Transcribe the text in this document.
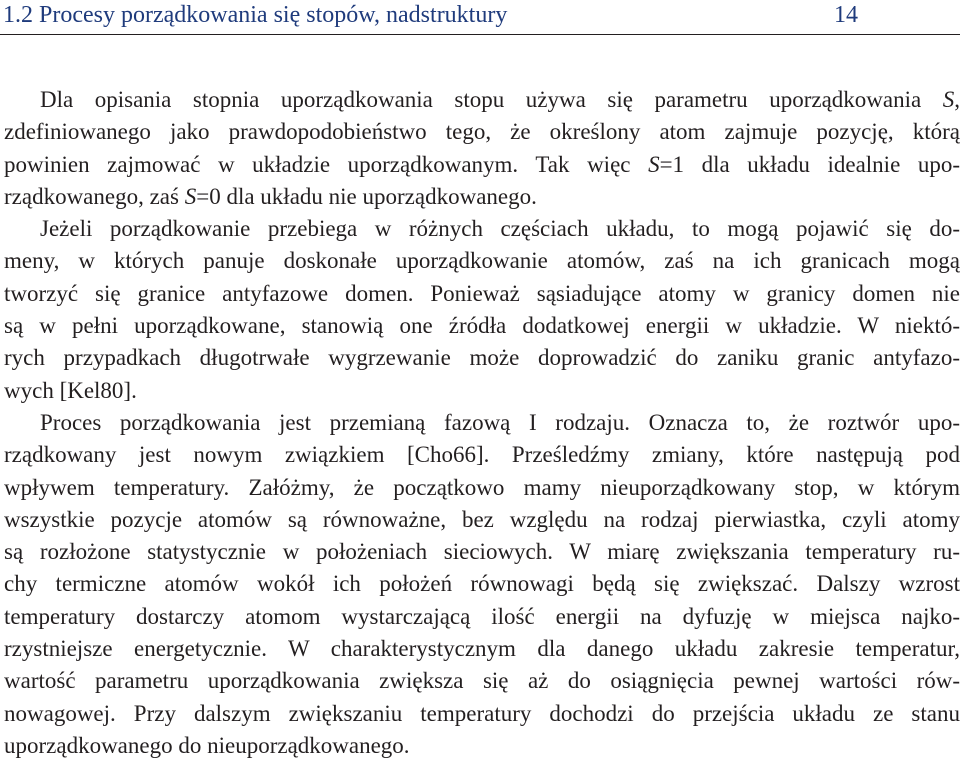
1.2 Procesy porządkowania się stopów, nadstruktury	14
Dla opisania stopnia uporządkowania stopu używa się parametru uporządkowania S,
zdefiniowanego jako prawdopodobieństwo tego, że określony atom zajmuje pozycję, którą
powinien zajmować w układzie uporządkowanym. Tak więc S=1 dla układu idealnie upo-
rządkowanego, zaś S=0 dla układu nie uporządkowanego.
Jeżeli porządkowanie przebiega w różnych częściach układu, to mogą pojawić się do-
meny, w których panuje doskonałe uporządkowanie atomów, zaś na ich granicach mogą
tworzyć się granice antyfazowe domen. Ponieważ sąsiadujące atomy w granicy domen nie
są w pełni uporządkowane, stanowią one źródła dodatkowej energii w układzie. W niektó-
rych przypadkach długotrwałe wygrzewanie może doprowadzić do zaniku granic antyfazo-
wych [Kel80].
Proces porządkowania jest przemianą fazową I rodzaju. Oznacza to, że roztwór upo-
rządkowany jest nowym związkiem [Cho66]. Prześledźmy zmiany, które następują pod
wpływem temperatury. Załóżmy, że początkowo mamy nieuporządkowany stop, w którym
wszystkie pozycje atomów są równoważne, bez względu na rodzaj pierwiastka, czyli atomy
są rozłożone statystycznie w położeniach sieciowych. W miarę zwiększania temperatury ru-
chy termiczne atomów wokół ich położeń równowagi będą się zwiększać. Dalszy wzrost
temperatury dostarczy atomom wystarczającą ilość energii na dyfuzję w miejsca najko-
rzystniejsze energetycznie. W charakterystycznym dla danego układu zakresie temperatur,
wartość parametru uporządkowania zwiększa się aż do osiągnięcia pewnej wartości rów-
nowagowej. Przy dalszym zwiększaniu temperatury dochodzi do przejścia układu ze stanu
uporządkowanego do nieuporządkowanego.
